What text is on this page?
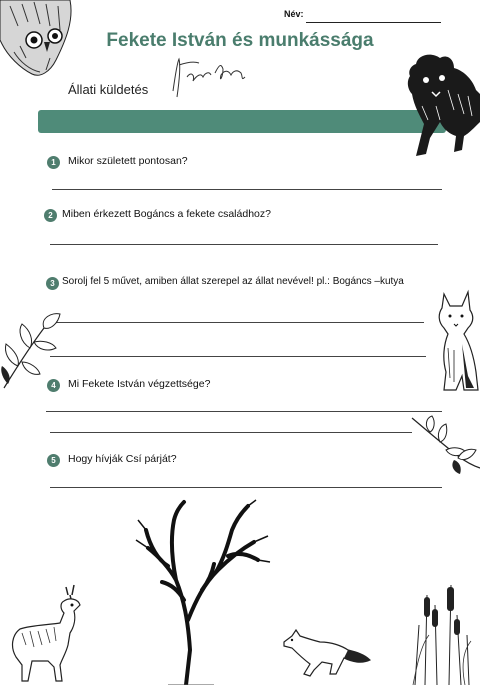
Név:
Fekete István és munkássága
Állati küldetés
1	Mikor született pontosan?
2 Miben érkezett Bogáncs a fekete családhoz?
3 Sorolj fel 5 művet, amiben állat szerepel az állat nevével! pl.: Bogáncs –kutya
4	Mi Fekete István végzettsége?
5	Hogy hívják Csí párját?
